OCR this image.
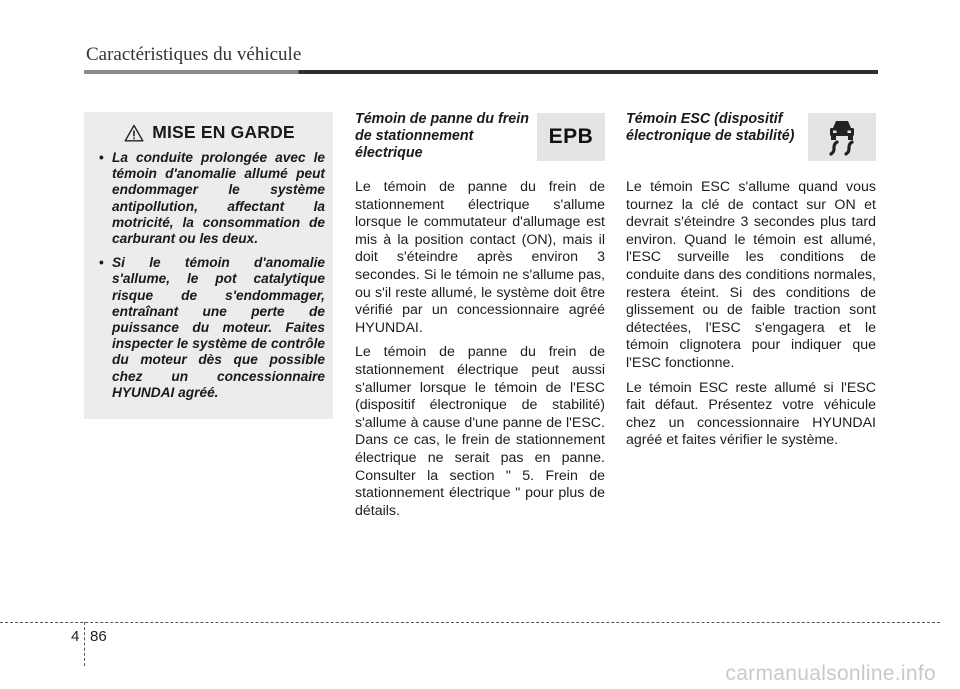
Caractéristiques du véhicule
MISE EN GARDE
• La conduite prolongée avec le témoin d'anomalie allumé peut endommager le système antipollution, affectant la motricité, la consommation de carburant ou les deux.
• Si le témoin d'anomalie s'allume, le pot catalytique risque de s'endommager, entraînant une perte de puissance du moteur. Faites inspecter le système de contrôle du moteur dès que possible chez un concessionnaire HYUNDAI agréé.

Témoin de panne du frein de stationnement électrique

EPB

Le témoin de panne du frein de stationnement électrique s'allume lorsque le commutateur d'allumage est mis à la position contact (ON), mais il doit s'éteindre après environ 3 secondes. Si le témoin ne s'allume pas, ou s'il reste allumé, le système doit être vérifié par un concessionnaire agréé HYUNDAI.

Le témoin de panne du frein de stationnement électrique peut aussi s'allumer lorsque le témoin de l'ESC (dispositif électronique de stabilité) s'allume à cause d'une panne de l'ESC. Dans ce cas, le frein de stationnement électrique ne serait pas en panne. Consulter la section " 5. Frein de stationnement électrique " pour plus de détails.

Témoin ESC (dispositif électronique de stabilité)

Le témoin ESC s'allume quand vous tournez la clé de contact sur ON et devrait s'éteindre 3 secondes plus tard environ. Quand le témoin est allumé, l'ESC surveille les conditions de conduite dans des conditions normales, restera éteint. Si des conditions de glissement ou de faible traction sont détectées, l'ESC s'engagera et le témoin clignotera pour indiquer que l'ESC fonctionne.

Le témoin ESC reste allumé si l'ESC fait défaut. Présentez votre véhicule chez un concessionnaire HYUNDAI agréé et faites vérifier le système.

4 86
carmanualsonline.info
